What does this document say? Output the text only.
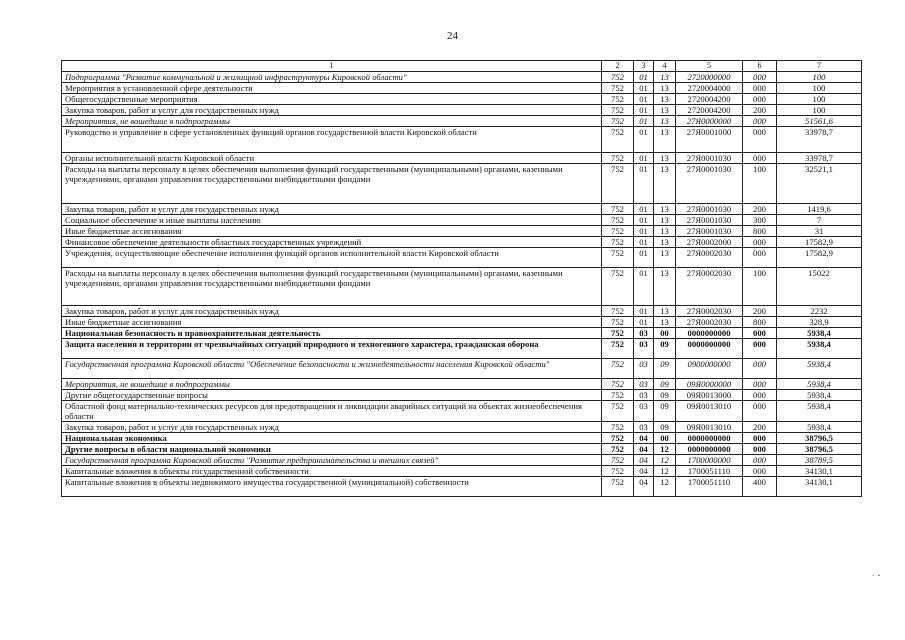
24
1	2	3	4	5	6	7
Подпрограмма "Развитие коммунальной и жилищной инфраструктуры Кировской области"	752	01	13	2720000000	000	100
Мероприятия в установленной сфере деятельности	752	01	13	2720004000	000	100
Общегосударственные мероприятия	752	01	13	2720004200	000	100
Закупка товаров, работ и услуг для государственных нужд	752	01	13	2720004200	200	100
Мероприятия, не вошедшие в подпрограммы	752	01	13	27Я0000000	000	51561,6
Руководство и управление в сфере установленных функций органов государственной власти Кировской области	752	01	13	27Я0001000	000	33978,7
Органы исполнительной власти Кировской области	752	01	13	27Я0001030	000	33978,7
Расходы на выплаты персоналу в целях обеспечения выполнения функций государственными (муниципальными) органами, казенными учреждениями, органами управления государственными внебюджетными фондами	752	01	13	27Я0001030	100	32521,1
Закупка товаров, работ и услуг для государственных нужд	752	01	13	27Я0001030	200	1419,6
Социальное обеспечение и иные выплаты населению	752	01	13	27Я0001030	300	7
Иные бюджетные ассигнования	752	01	13	27Я0001030	800	31
Финансовое обеспечение деятельности областных государственных учреждений	752	01	13	27Я0002000	000	17582,9
Учреждения, осуществляющие обеспечение исполнения функций органов исполнительной власти Кировской области	752	01	13	27Я0002030	000	17582,9
Расходы на выплаты персоналу в целях обеспечения выполнения функций государственными (муниципальными) органами, казенными учреждениями, органами управления государственными внебюджетными фондами	752	01	13	27Я0002030	100	15022
Закупка товаров, работ и услуг для государственных нужд	752	01	13	27Я0002030	200	2232
Иные бюджетные ассигнования	752	01	13	27Я0002030	800	328,9
Национальная безопасность и правоохранительная деятельность	752	03	00	0000000000	000	5938,4
Защита населения и территории от чрезвычайных ситуаций природного и техногенного характера, гражданская оборона	752	03	09	0000000000	000	5938,4
Государственная программа Кировской области "Обеспечение безопасности и жизнедеятельности населения Кировской области"	752	03	09	0900000000	000	5938,4
Мероприятия, не вошедшие в подпрограммы	752	03	09	09Я0000000	000	5938,4
Другие общегосударственные вопросы	752	03	09	09Я0013000	000	5938,4
Областной фонд материально-технических ресурсов для предотвращения и ликвидации аварийных ситуаций на объектах жизнеобеспечения области	752	03	09	09Я0013010	000	5938,4
Закупка товаров, работ и услуг для государственных нужд	752	03	09	09Я0013010	200	5938,4
Национальная экономика	752	04	00	0000000000	000	38796,5
Другие вопросы в области национальной экономики	752	04	12	0000000000	000	38796,5
Государственная программа Кировской области "Развитие предпринимательства и внешних связей"	752	04	12	1700000000	000	38789,5
Капитальные вложения в объекты государственной собственности	752	04	12	1700051110	000	34130,1
Капитальные вложения в объекты недвижимого имущества государственной (муниципальной) собственности	752	04	12	1700051110	400	34130,1
· -
